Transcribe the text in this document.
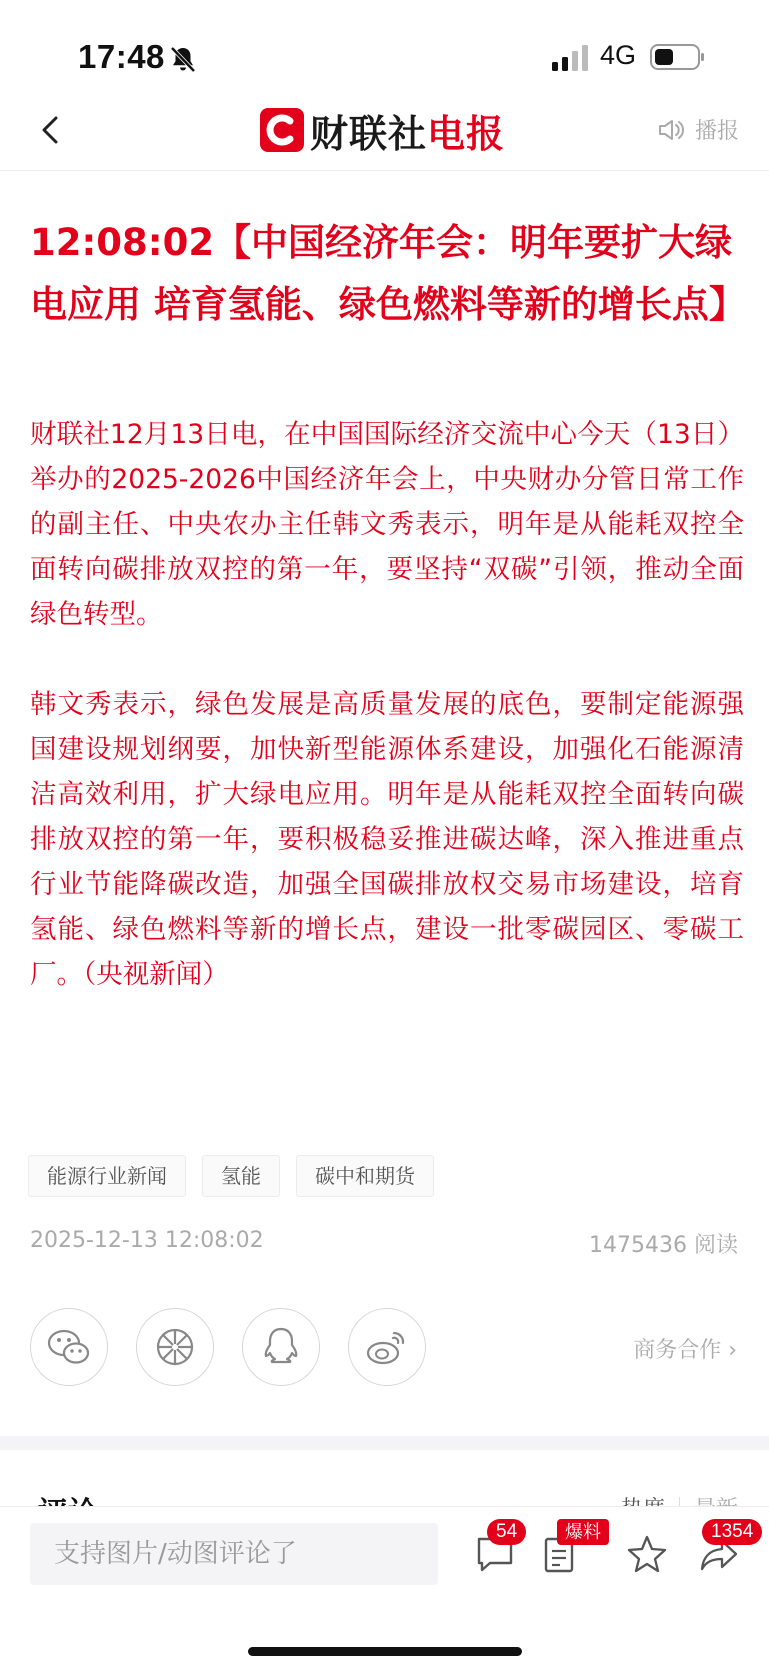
17:48	4G
财联社电报	播报
12:08:02【中国经济年会：明年要扩大绿电应用 培育氢能、绿色燃料等新的增长点】

财联社12月13日电，在中国国际经济交流中心今天（13日）举办的2025-2026中国经济年会上，中央财办分管日常工作的副主任、中央农办主任韩文秀表示，明年是从能耗双控全面转向碳排放双控的第一年，要坚持“双碳”引领，推动全面绿色转型。

韩文秀表示，绿色发展是高质量发展的底色，要制定能源强国建设规划纲要，加快新型能源体系建设，加强化石能源清洁高效利用，扩大绿电应用。明年是从能耗双控全面转向碳排放双控的第一年，要积极稳妥推进碳达峰，深入推进重点行业节能降碳改造，加强全国碳排放权交易市场建设，培育氢能、绿色燃料等新的增长点，建设一批零碳园区、零碳工厂。（央视新闻）

能源行业新闻	氢能	碳中和期货
2025-12-13 12:08:02	1475436 阅读
商务合作 ›
支持图片/动图评论了
54	爆料	1354
